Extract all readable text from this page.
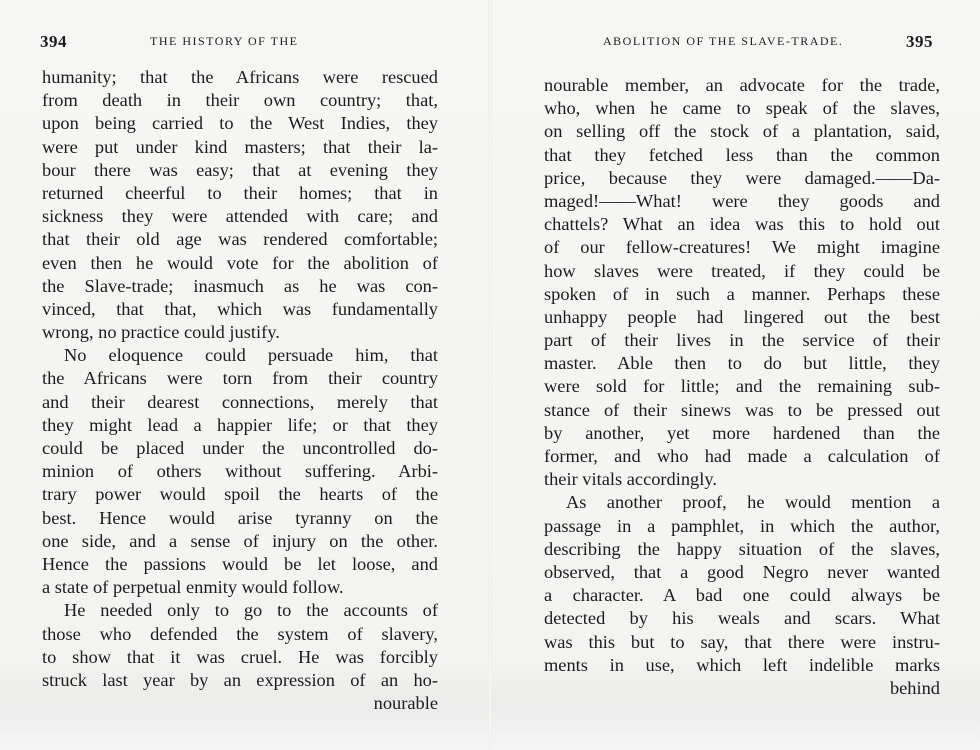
394	THE HISTORY OF THE
humanity; that the Africans were rescued
from death in their own country; that,
upon being carried to the West Indies, they
were put under kind masters; that their la-
bour there was easy; that at evening they
returned cheerful to their homes; that in
sickness they were attended with care; and
that their old age was rendered comfortable;
even then he would vote for the abolition of
the Slave-trade; inasmuch as he was con-
vinced, that that, which was fundamentally
wrong, no practice could justify.
No eloquence could persuade him, that
the Africans were torn from their country
and their dearest connections, merely that
they might lead a happier life; or that they
could be placed under the uncontrolled do-
minion of others without suffering. Arbi-
trary power would spoil the hearts of the
best. Hence would arise tyranny on the
one side, and a sense of injury on the other.
Hence the passions would be let loose, and
a state of perpetual enmity would follow.
He needed only to go to the accounts of
those who defended the system of slavery,
to show that it was cruel. He was forcibly
struck last year by an expression of an ho-
nourable
ABOLITION OF THE SLAVE-TRADE.	395
nourable member, an advocate for the trade,
who, when he came to speak of the slaves,
on selling off the stock of a plantation, said,
that they fetched less than the common
price, because they were damaged.——Da-
maged!——What! were they goods and
chattels? What an idea was this to hold out
of our fellow-creatures! We might imagine
how slaves were treated, if they could be
spoken of in such a manner. Perhaps these
unhappy people had lingered out the best
part of their lives in the service of their
master. Able then to do but little, they
were sold for little; and the remaining sub-
stance of their sinews was to be pressed out
by another, yet more hardened than the
former, and who had made a calculation of
their vitals accordingly.
As another proof, he would mention a
passage in a pamphlet, in which the author,
describing the happy situation of the slaves,
observed, that a good Negro never wanted
a character. A bad one could always be
detected by his weals and scars. What
was this but to say, that there were instru-
ments in use, which left indelible marks
behind
